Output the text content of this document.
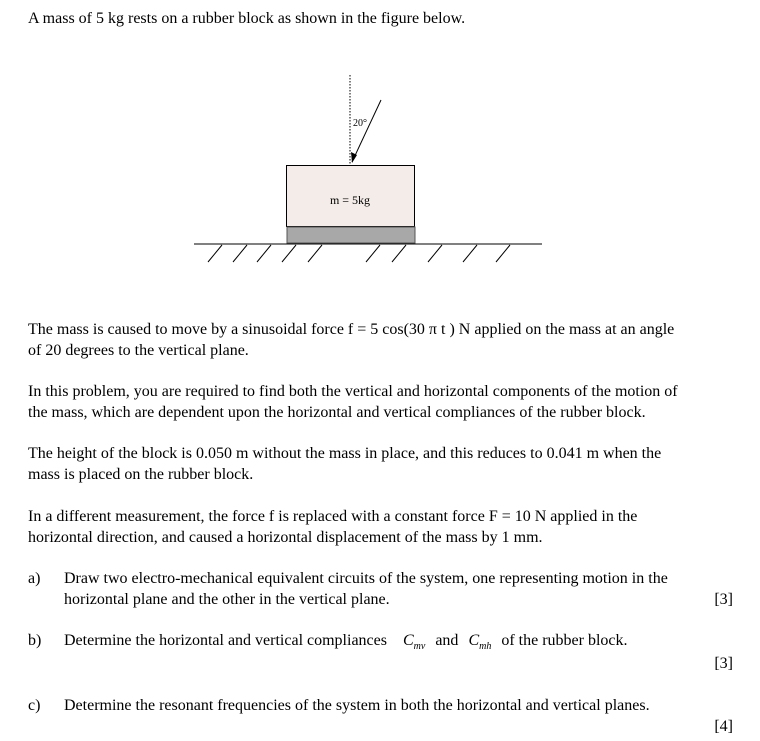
A mass of 5 kg rests on a rubber block as shown in the figure below.
20°
m = 5kg
The mass is caused to move by a sinusoidal force f = 5 cos(30 π t ) N applied on the mass at an angle
of 20 degrees to the vertical plane.
In this problem, you are required to find both the vertical and horizontal components of the motion of
the mass, which are dependent upon the horizontal and vertical compliances of the rubber block.
The height of the block is 0.050 m without the mass in place, and this reduces to 0.041 m when the
mass is placed on the rubber block.
In a different measurement, the force f is replaced with a constant force F = 10 N applied in the
horizontal direction, and caused a horizontal displacement of the mass by 1 mm.
a) Draw two electro-mechanical equivalent circuits of the system, one representing motion in the
horizontal plane and the other in the vertical plane.	[3]
b) Determine the horizontal and vertical compliances $C_{mv}$ and $C_{mh}$ of the rubber block.
[3]
c) Determine the resonant frequencies of the system in both the horizontal and vertical planes.
[4]
